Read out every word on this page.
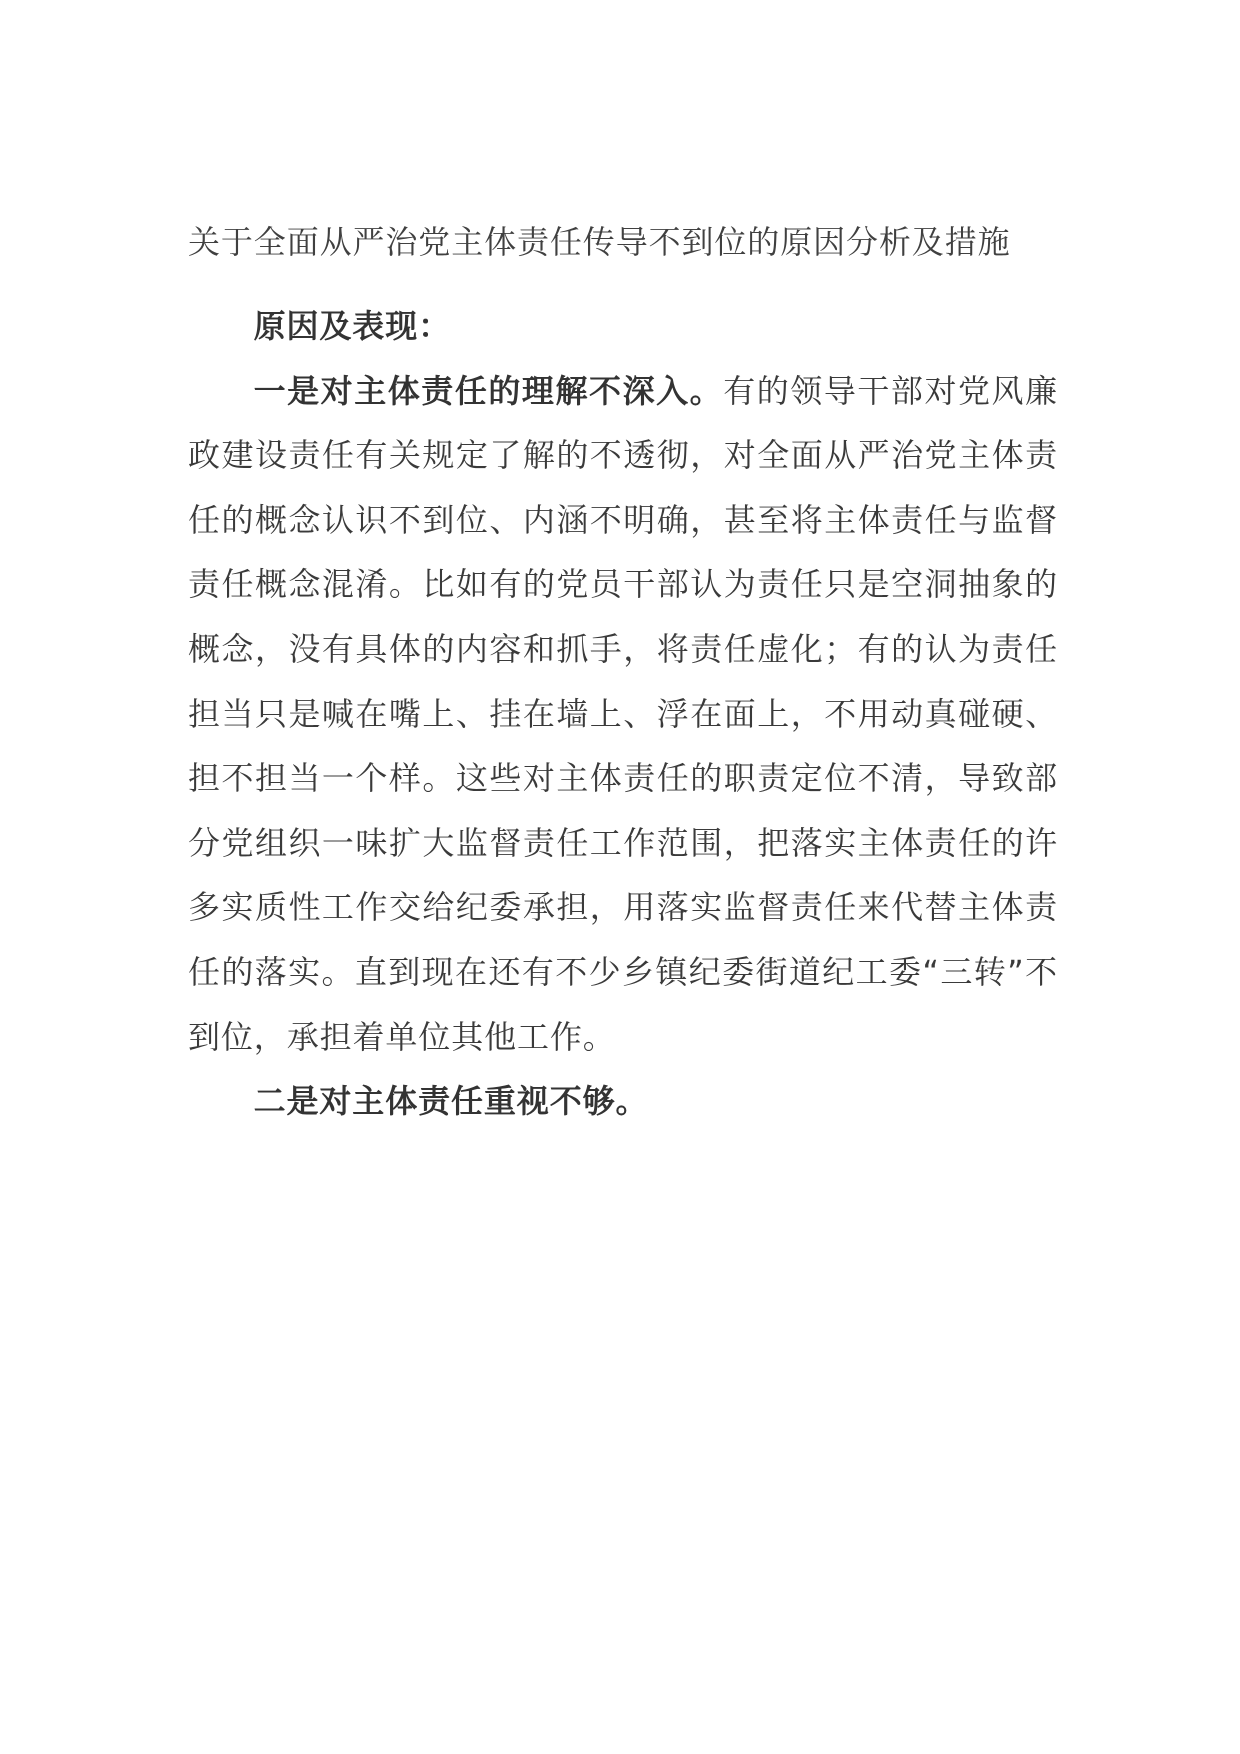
关于全面从严治党主体责任传导不到位的原因分析及措施

原因及表现：

一是对主体责任的理解不深入。有的领导干部对党风廉政建设责任有关规定了解的不透彻，对全面从严治党主体责任的概念认识不到位、内涵不明确，甚至将主体责任与监督责任概念混淆。比如有的党员干部认为责任只是空洞抽象的概念，没有具体的内容和抓手，将责任虚化；有的认为责任担当只是喊在嘴上、挂在墙上、浮在面上，不用动真碰硬、担不担当一个样。这些对主体责任的职责定位不清，导致部分党组织一味扩大监督责任工作范围，把落实主体责任的许多实质性工作交给纪委承担，用落实监督责任来代替主体责任的落实。直到现在还有不少乡镇纪委街道纪工委“三转”不到位，承担着单位其他工作。

二是对主体责任重视不够。
